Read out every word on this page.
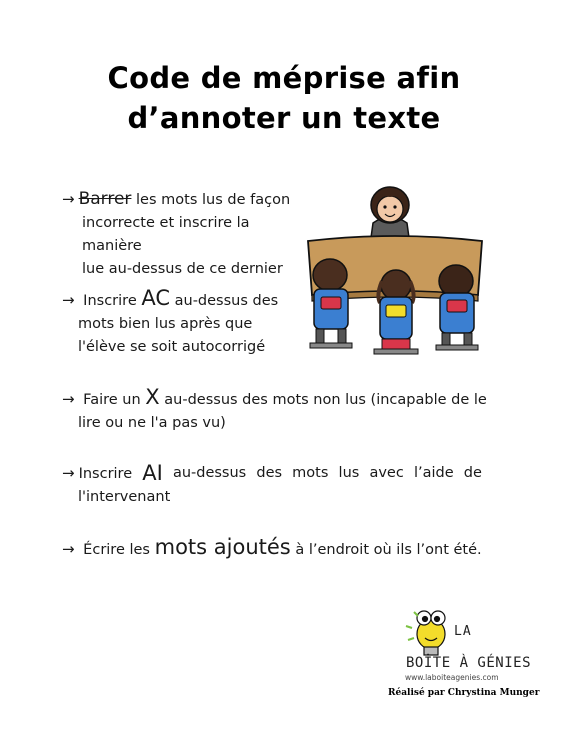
Code de méprise afin
d’annoter un texte
→ Barrer les mots lus de façon
incorrecte et inscrire la manière
lue au-dessus de ce dernier
→ Inscrire AC au-dessus des
mots bien lus après que
l'élève se soit autocorrigé
→ Faire un X au-dessus des mots non lus (incapable de le
lire ou ne l'a pas vu)
→ Inscrire AI au-dessus des mots lus avec l’aide de
l'intervenant
→ Écrire les mots ajoutés à l’endroit où ils l’ont été.
LA
BOÎTE À GÉNIES
www.laboiteagenies.com
Réalisé par Chrystina Munger
